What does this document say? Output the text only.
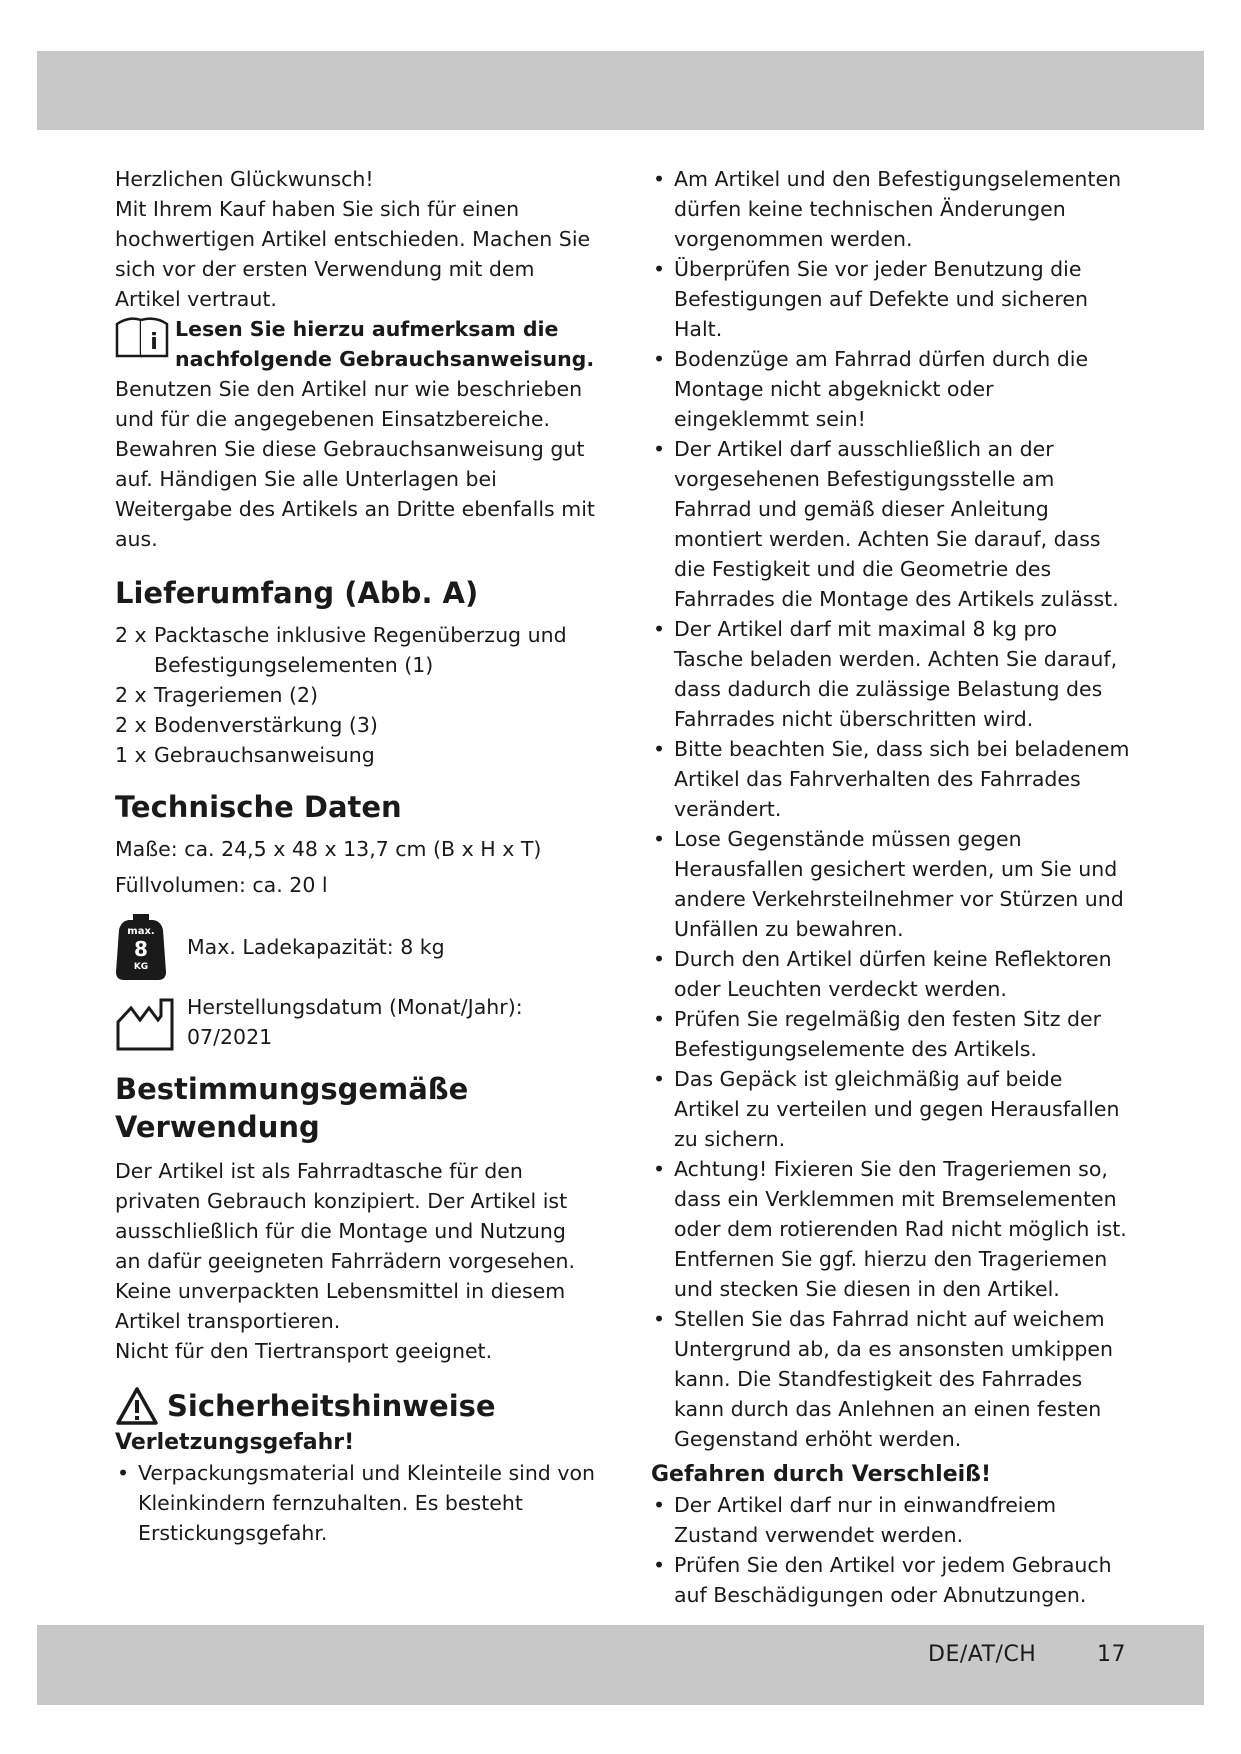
Herzlichen Glückwunsch!

Mit Ihrem Kauf haben Sie sich für einen hochwertigen Artikel entschieden. Machen Sie sich vor der ersten Verwendung mit dem Artikel vertraut.

i

Lesen Sie hierzu aufmerksam die nachfolgende Gebrauchsanweisung.

Benutzen Sie den Artikel nur wie beschrieben und für die angegebenen Einsatzbereiche. Bewahren Sie diese Gebrauchsanweisung gut auf. Händigen Sie alle Unterlagen bei Weitergabe des Artikels an Dritte ebenfalls mit aus.

Lieferumfang (Abb. A)
2 x Packtasche inklusive Regenüberzug und Befestigungselementen (1)
2 x Trageriemen (2)
2 x Bodenverstärkung (3)
1 x Gebrauchsanweisung
Technische Daten

Maße: ca. 24,5 x 48 x 13,7 cm (B x H x T)

Füllvolumen: ca. 20 l

max.
8
KG

Max. Ladekapazität: 8 kg

Herstellungsdatum (Monat/Jahr):

07/2021

Bestimmungsgemäße Verwendung

Der Artikel ist als Fahrradtasche für den privaten Gebrauch konzipiert. Der Artikel ist ausschließlich für die Montage und Nutzung an dafür geeigneten Fahrrädern vorgesehen.

Keine unverpackten Lebensmittel in diesem Artikel transportieren.

Nicht für den Tiertransport geeignet.

Sicherheitshinweise
Verletzungsgefahr!
• Verpackungsmaterial und Kleinteile sind von Kleinkindern fernzuhalten. Es besteht Erstickungsgefahr.
• Am Artikel und den Befestigungselementen dürfen keine technischen Änderungen vorgenommen werden.
• Überprüfen Sie vor jeder Benutzung die Befestigungen auf Defekte und sicheren Halt.
• Bodenzüge am Fahrrad dürfen durch die Montage nicht abgeknickt oder eingeklemmt sein!
• Der Artikel darf ausschließlich an der vorgesehenen Befestigungsstelle am Fahrrad und gemäß dieser Anleitung montiert werden. Achten Sie darauf, dass die Festigkeit und die Geometrie des Fahrrades die Montage des Artikels zulässt.
• Der Artikel darf mit maximal 8 kg pro Tasche beladen werden. Achten Sie darauf, dass dadurch die zulässige Belastung des Fahrrades nicht überschritten wird.
• Bitte beachten Sie, dass sich bei beladenem Artikel das Fahrverhalten des Fahrrades verändert.
• Lose Gegenstände müssen gegen Herausfallen gesichert werden, um Sie und andere Verkehrsteilnehmer vor Stürzen und Unfällen zu bewahren.
• Durch den Artikel dürfen keine Reflektoren oder Leuchten verdeckt werden.
• Prüfen Sie regelmäßig den festen Sitz der Befestigungselemente des Artikels.
• Das Gepäck ist gleichmäßig auf beide Artikel zu verteilen und gegen Herausfallen zu sichern.
• Achtung! Fixieren Sie den Trageriemen so, dass ein Verklemmen mit Bremselementen oder dem rotierenden Rad nicht möglich ist. Entfernen Sie ggf. hierzu den Trageriemen und stecken Sie diesen in den Artikel.
• Stellen Sie das Fahrrad nicht auf weichem Untergrund ab, da es ansonsten umkippen kann. Die Standfestigkeit des Fahrrades kann durch das Anlehnen an einen festen Gegenstand erhöht werden.
Gefahren durch Verschleiß!
• Der Artikel darf nur in einwandfreiem Zustand verwendet werden.
• Prüfen Sie den Artikel vor jedem Gebrauch auf Beschädigungen oder Abnutzungen.
DE/AT/CH	17
